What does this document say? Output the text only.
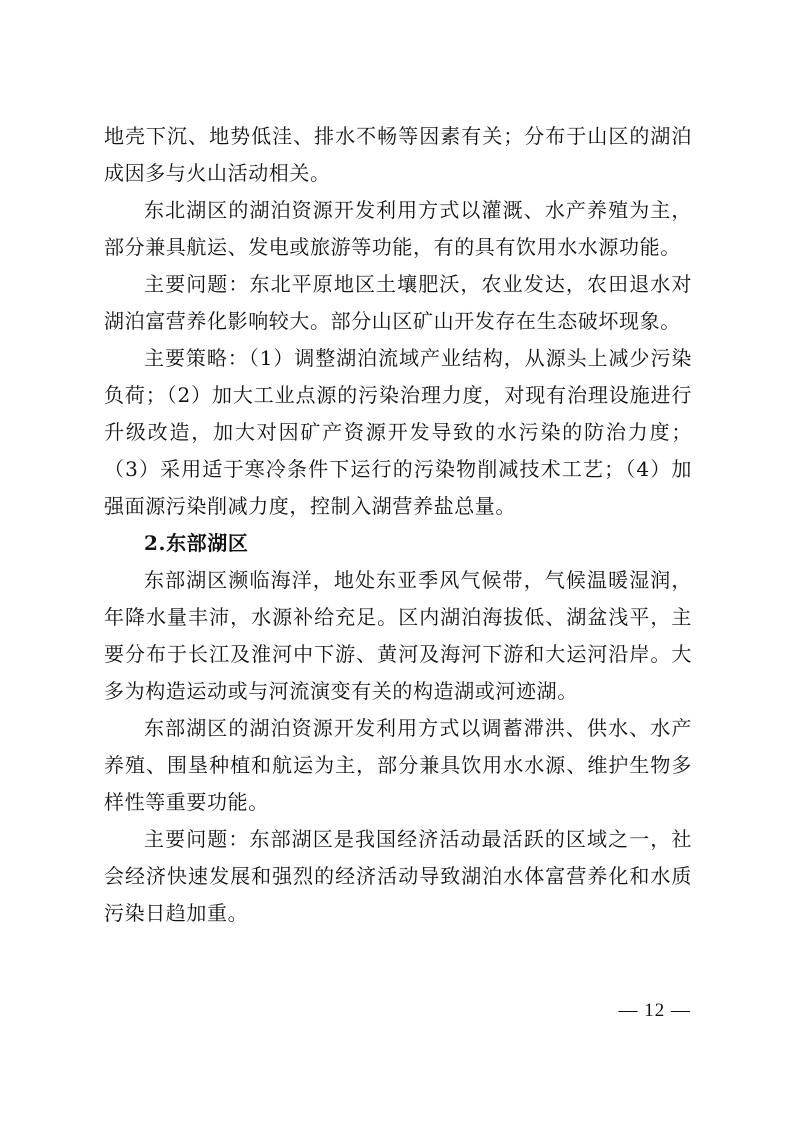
地壳下沉、地势低洼、排水不畅等因素有关；分布于山区的湖泊成因多与火山活动相关。

东北湖区的湖泊资源开发利用方式以灌溉、水产养殖为主，部分兼具航运、发电或旅游等功能，有的具有饮用水水源功能。

主要问题：东北平原地区土壤肥沃，农业发达，农田退水对湖泊富营养化影响较大。部分山区矿山开发存在生态破坏现象。

主要策略：（1）调整湖泊流域产业结构，从源头上减少污染负荷；（2）加大工业点源的污染治理力度，对现有治理设施进行升级改造，加大对因矿产资源开发导致的水污染的防治力度；（3）采用适于寒冷条件下运行的污染物削减技术工艺；（4）加强面源污染削减力度，控制入湖营养盐总量。

2.东部湖区

东部湖区濒临海洋，地处东亚季风气候带，气候温暖湿润，年降水量丰沛，水源补给充足。区内湖泊海拔低、湖盆浅平，主要分布于长江及淮河中下游、黄河及海河下游和大运河沿岸。大多为构造运动或与河流演变有关的构造湖或河迹湖。

东部湖区的湖泊资源开发利用方式以调蓄滞洪、供水、水产养殖、围垦种植和航运为主，部分兼具饮用水水源、维护生物多样性等重要功能。

主要问题：东部湖区是我国经济活动最活跃的区域之一，社会经济快速发展和强烈的经济活动导致湖泊水体富营养化和水质污染日趋加重。

— 12 —
